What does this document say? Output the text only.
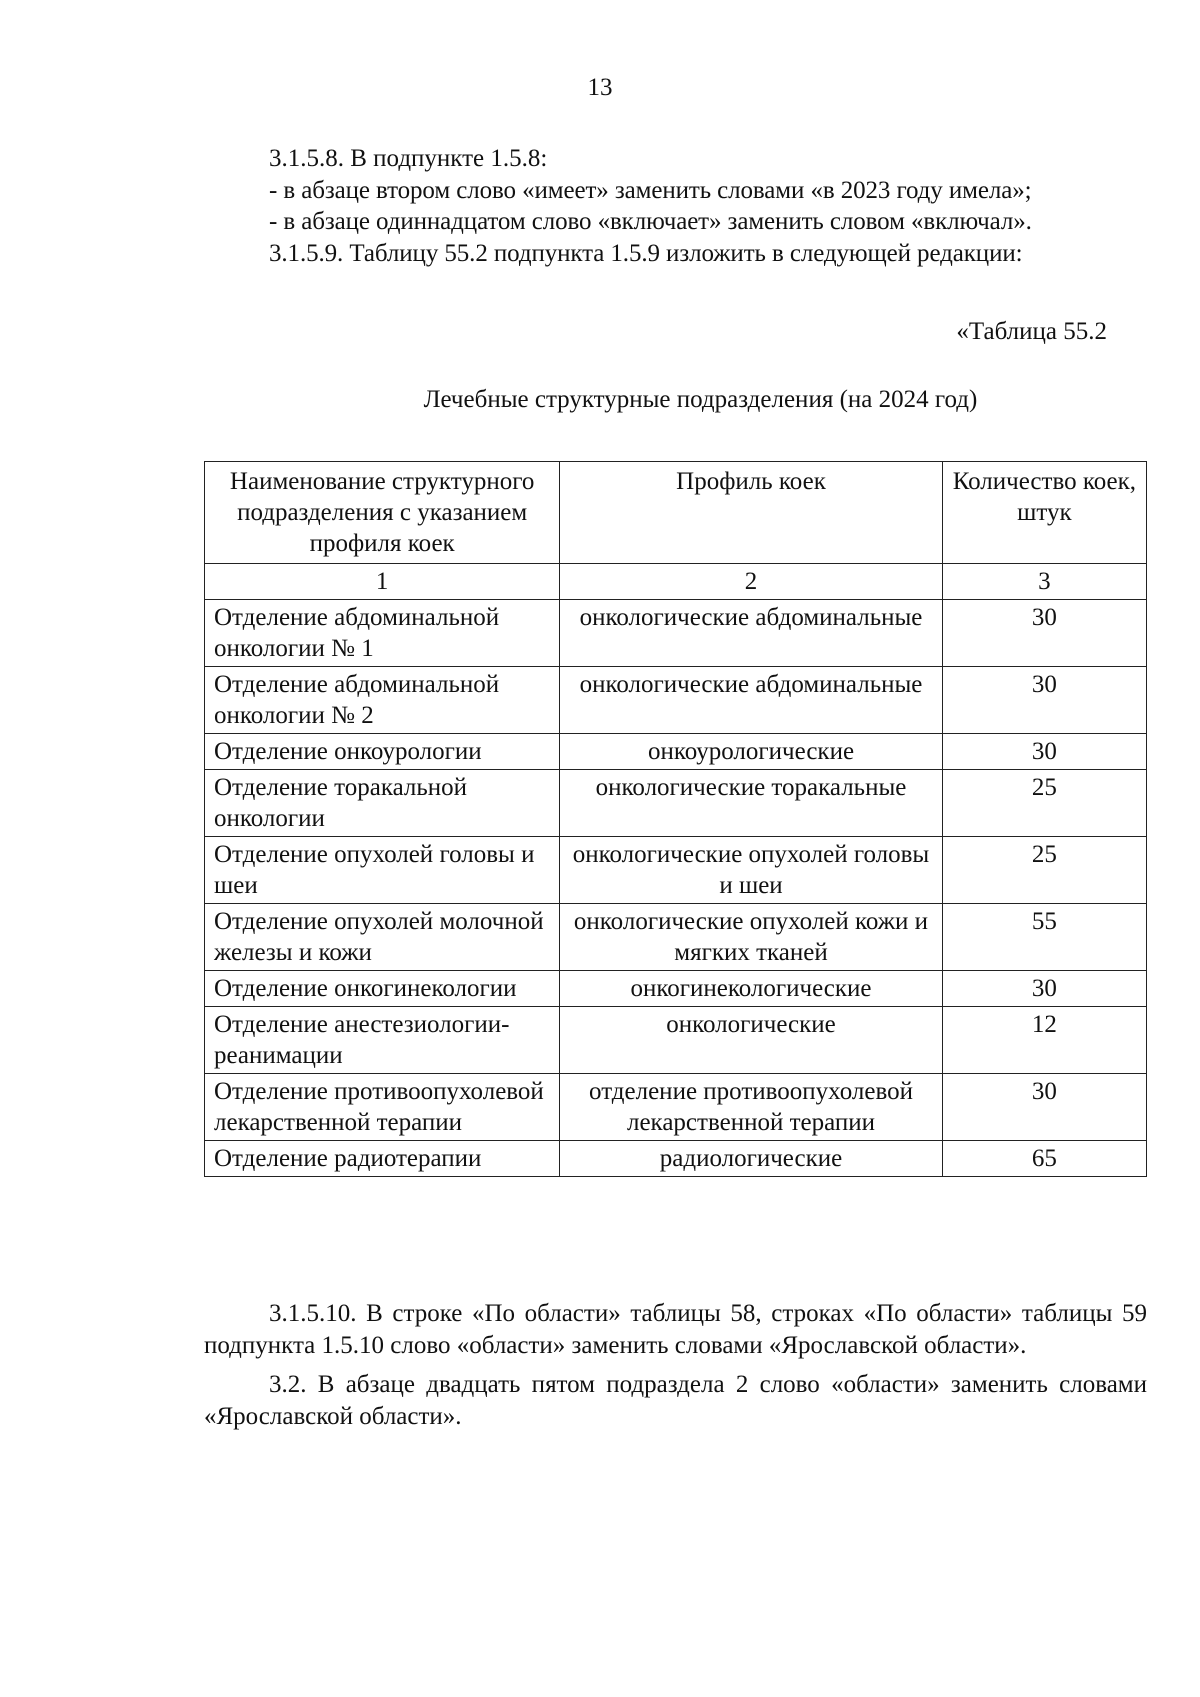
13

3.1.5.8. В подпункте 1.5.8:

- в абзаце втором слово «имеет» заменить словами «в 2023 году имела»;

- в абзаце одиннадцатом слово «включает» заменить словом «включал».

3.1.5.9. Таблицу 55.2 подпункта 1.5.9 изложить в следующей редакции:

«Таблица 55.2
Лечебные структурные подразделения (на 2024 год)
Наименование структурного подразделения с указанием профиля коек	Профиль коек	Количество коек, штук
1	2	3
Отделение абдоминальной онкологии № 1	онкологические абдоминальные	30
Отделение абдоминальной онкологии № 2	онкологические абдоминальные	30
Отделение онкоурологии	онкоурологические	30
Отделение торакальной онкологии	онкологические торакальные	25
Отделение опухолей головы и шеи	онкологические опухолей головы и шеи	25
Отделение опухолей молочной железы и кожи	онкологические опухолей кожи и мягких тканей	55
Отделение онкогинекологии	онкогинекологические	30
Отделение анестезиологии-реанимации	онкологические	12
Отделение противоопухолевой лекарственной терапии	отделение противоопухолевой лекарственной терапии	30
Отделение радиотерапии	радиологические	65

3.1.5.10. В строке «По области» таблицы 58, строках «По области» таблицы 59 подпункта 1.5.10 слово «области» заменить словами «Ярославской области».

3.2. В абзаце двадцать пятом подраздела 2 слово «области» заменить словами «Ярославской области».
